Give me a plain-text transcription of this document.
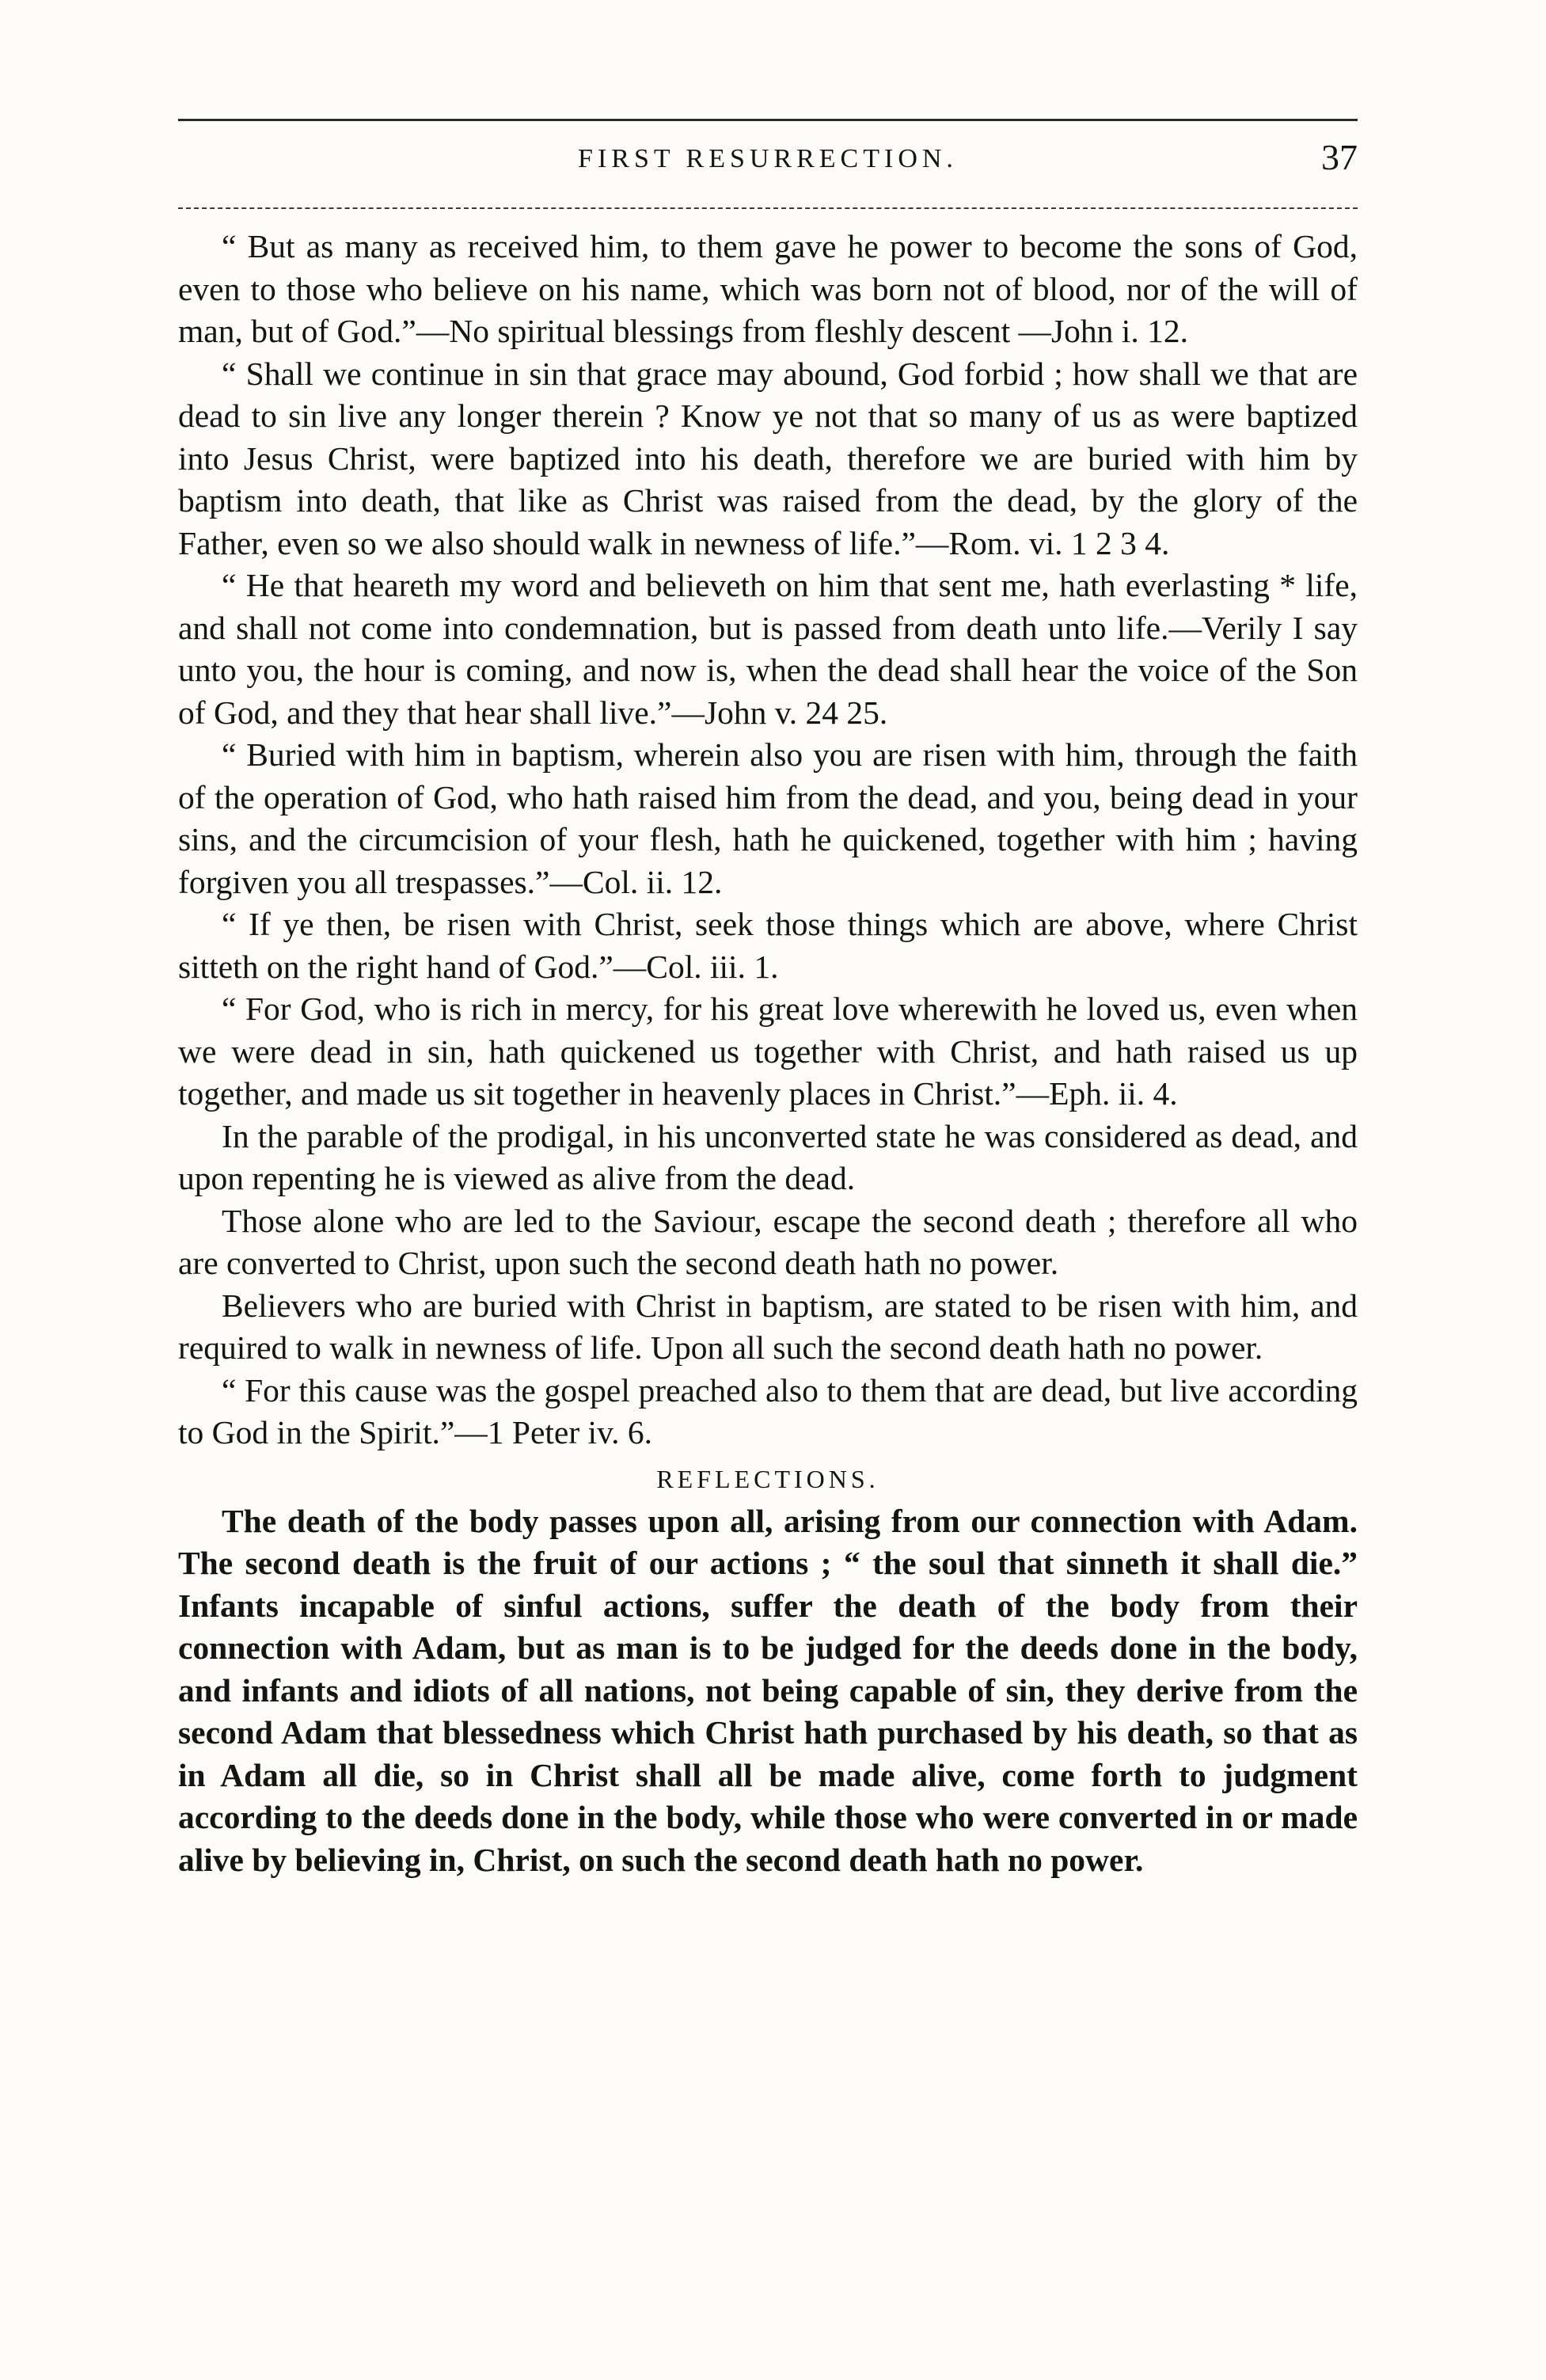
FIRST RESURRECTION.	37

“ But as many as received him, to them gave he power to become the sons of God, even to those who believe on his name, which was born not of blood, nor of the will of man, but of God.”—No spiritual blessings from fleshly descent —John i. 12.

“ Shall we continue in sin that grace may abound, God forbid ; how shall we that are dead to sin live any longer therein ? Know ye not that so many of us as were baptized into Jesus Christ, were baptized into his death, therefore we are buried with him by baptism into death, that like as Christ was raised from the dead, by the glory of the Father, even so we also should walk in newness of life.”—Rom. vi. 1 2 3 4.

“ He that heareth my word and believeth on him that sent me, hath everlasting * life, and shall not come into condemnation, but is passed from death unto life.—Verily I say unto you, the hour is coming, and now is, when the dead shall hear the voice of the Son of God, and they that hear shall live.”—John v. 24 25.

“ Buried with him in baptism, wherein also you are risen with him, through the faith of the operation of God, who hath raised him from the dead, and you, being dead in your sins, and the circumcision of your flesh, hath he quickened, together with him ; having forgiven you all trespasses.”—Col. ii. 12.

“ If ye then, be risen with Christ, seek those things which are above, where Christ sitteth on the right hand of God.”—Col. iii. 1.

“ For God, who is rich in mercy, for his great love wherewith he loved us, even when we were dead in sin, hath quickened us together with Christ, and hath raised us up together, and made us sit together in heavenly places in Christ.”—Eph. ii. 4.

In the parable of the prodigal, in his unconverted state he was considered as dead, and upon repenting he is viewed as alive from the dead.

Those alone who are led to the Saviour, escape the second death ; therefore all who are converted to Christ, upon such the second death hath no power.

Believers who are buried with Christ in baptism, are stated to be risen with him, and required to walk in newness of life. Upon all such the second death hath no power.

“ For this cause was the gospel preached also to them that are dead, but live according to God in the Spirit.”—1 Peter iv. 6.

REFLECTIONS.

The death of the body passes upon all, arising from our connection with Adam. The second death is the fruit of our actions ; “ the soul that sinneth it shall die.” Infants incapable of sinful actions, suffer the death of the body from their connection with Adam, but as man is to be judged for the deeds done in the body, and infants and idiots of all nations, not being capable of sin, they derive from the second Adam that blessedness which Christ hath purchased by his death, so that as in Adam all die, so in Christ shall all be made alive, come forth to judgment according to the deeds done in the body, while those who were converted in or made alive by believing in, Christ, on such the second death hath no power.
